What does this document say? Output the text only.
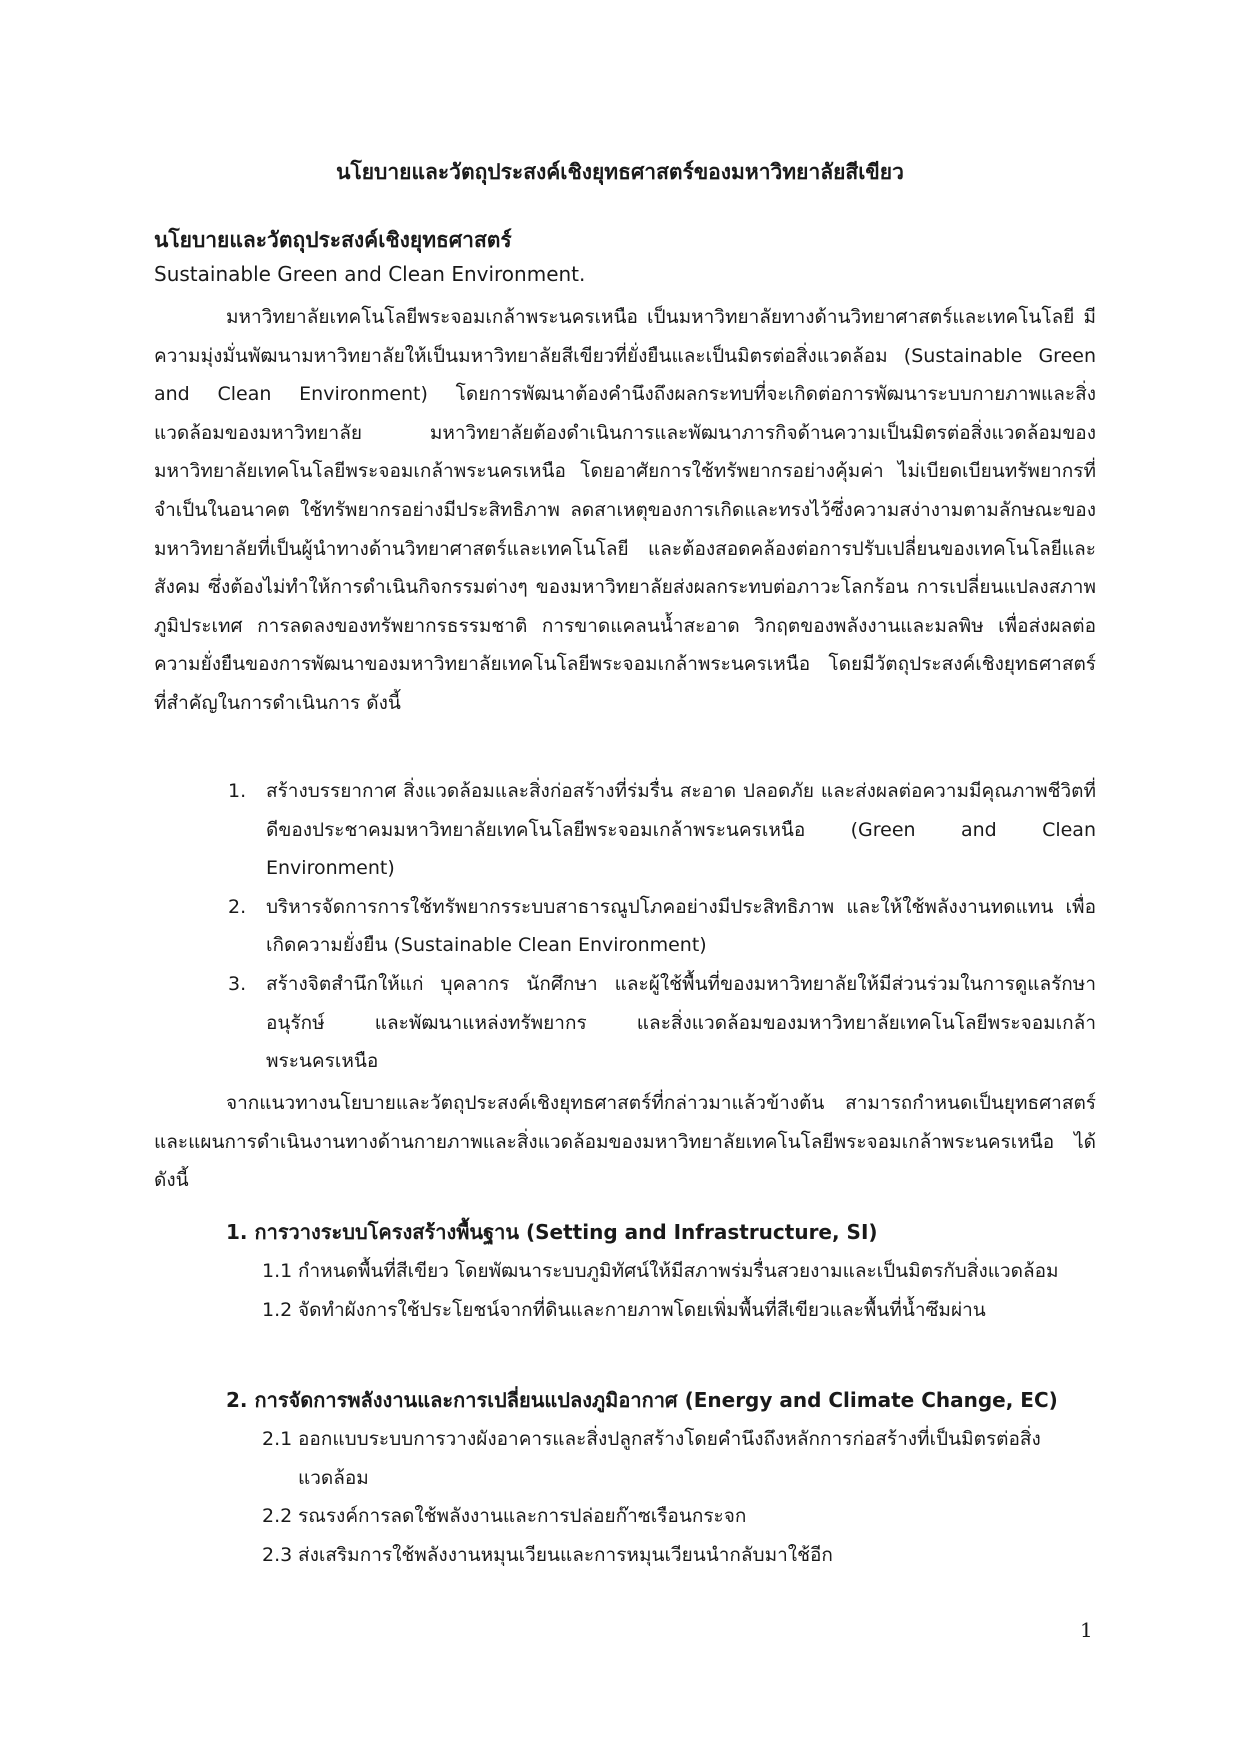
นโยบายและวัตถุประสงค์เชิงยุทธศาสตร์ของมหาวิทยาลัยสีเขียว
นโยบายและวัตถุประสงค์เชิงยุทธศาสตร์
Sustainable Green and Clean Environment.

มหาวิทยาลัยเทคโนโลยีพระจอมเกล้าพระนครเหนือ เป็นมหาวิทยาลัยทางด้านวิทยาศาสตร์และเทคโนโลยี มีความมุ่งมั่นพัฒนามหาวิทยาลัยให้เป็นมหาวิทยาลัยสีเขียวที่ยั่งยืนและเป็นมิตรต่อสิ่งแวดล้อม (Sustainable Green and Clean Environment) โดยการพัฒนาต้องคำนึงถึงผลกระทบที่จะเกิดต่อการพัฒนาระบบกายภาพและสิ่งแวดล้อมของมหาวิทยาลัย มหาวิทยาลัยต้องดำเนินการและพัฒนาภารกิจด้านความเป็นมิตรต่อสิ่งแวดล้อมของมหาวิทยาลัยเทคโนโลยีพระจอมเกล้าพระนครเหนือ โดยอาศัยการใช้ทรัพยากรอย่างคุ้มค่า ไม่เบียดเบียนทรัพยากรที่จำเป็นในอนาคต ใช้ทรัพยากรอย่างมีประสิทธิภาพ ลดสาเหตุของการเกิดและทรงไว้ซึ่งความสง่างามตามลักษณะของมหาวิทยาลัยที่เป็นผู้นำทางด้านวิทยาศาสตร์และเทคโนโลยี และต้องสอดคล้องต่อการปรับเปลี่ยนของเทคโนโลยีและสังคม ซึ่งต้องไม่ทำให้การดำเนินกิจกรรมต่างๆ ของมหาวิทยาลัยส่งผลกระทบต่อภาวะโลกร้อน การเปลี่ยนแปลงสภาพภูมิประเทศ การลดลงของทรัพยากรธรรมชาติ การขาดแคลนน้ำสะอาด วิกฤตของพลังงานและมลพิษ เพื่อส่งผลต่อความยั่งยืนของการพัฒนาของมหาวิทยาลัยเทคโนโลยีพระจอมเกล้าพระนครเหนือ โดยมีวัตถุประสงค์เชิงยุทธศาสตร์ที่สำคัญในการดำเนินการ ดังนี้

1. สร้างบรรยากาศ สิ่งแวดล้อมและสิ่งก่อสร้างที่ร่มรื่น สะอาด ปลอดภัย และส่งผลต่อความมีคุณภาพชีวิตที่ดีของประชาคมมหาวิทยาลัยเทคโนโลยีพระจอมเกล้าพระนครเหนือ (Green and Clean Environment)
2. บริหารจัดการการใช้ทรัพยากรระบบสาธารณูปโภคอย่างมีประสิทธิภาพ และให้ใช้พลังงานทดแทน เพื่อเกิดความยั่งยืน (Sustainable Clean Environment)
3. สร้างจิตสำนึกให้แก่ บุคลากร นักศึกษา และผู้ใช้พื้นที่ของมหาวิทยาลัยให้มีส่วนร่วมในการดูแลรักษาอนุรักษ์ และพัฒนาแหล่งทรัพยากร และสิ่งแวดล้อมของมหาวิทยาลัยเทคโนโลยีพระจอมเกล้าพระนครเหนือ

จากแนวทางนโยบายและวัตถุประสงค์เชิงยุทธศาสตร์ที่กล่าวมาแล้วข้างต้น สามารถกำหนดเป็นยุทธศาสตร์และแผนการดำเนินงานทางด้านกายภาพและสิ่งแวดล้อมของมหาวิทยาลัยเทคโนโลยีพระจอมเกล้าพระนครเหนือ ได้ดังนี้

1. การวางระบบโครงสร้างพื้นฐาน (Setting and Infrastructure, SI)
1.1 กำหนดพื้นที่สีเขียว โดยพัฒนาระบบภูมิทัศน์ให้มีสภาพร่มรื่นสวยงามและเป็นมิตรกับสิ่งแวดล้อม
1.2 จัดทำผังการใช้ประโยชน์จากที่ดินและกายภาพโดยเพิ่มพื้นที่สีเขียวและพื้นที่น้ำซึมผ่าน
2. การจัดการพลังงานและการเปลี่ยนแปลงภูมิอากาศ (Energy and Climate Change, EC)
2.1 ออกแบบระบบการวางผังอาคารและสิ่งปลูกสร้างโดยคำนึงถึงหลักการก่อสร้างที่เป็นมิตรต่อสิ่งแวดล้อม
2.2 รณรงค์การลดใช้พลังงานและการปล่อยก๊าซเรือนกระจก
2.3 ส่งเสริมการใช้พลังงานหมุนเวียนและการหมุนเวียนนำกลับมาใช้อีก
1
